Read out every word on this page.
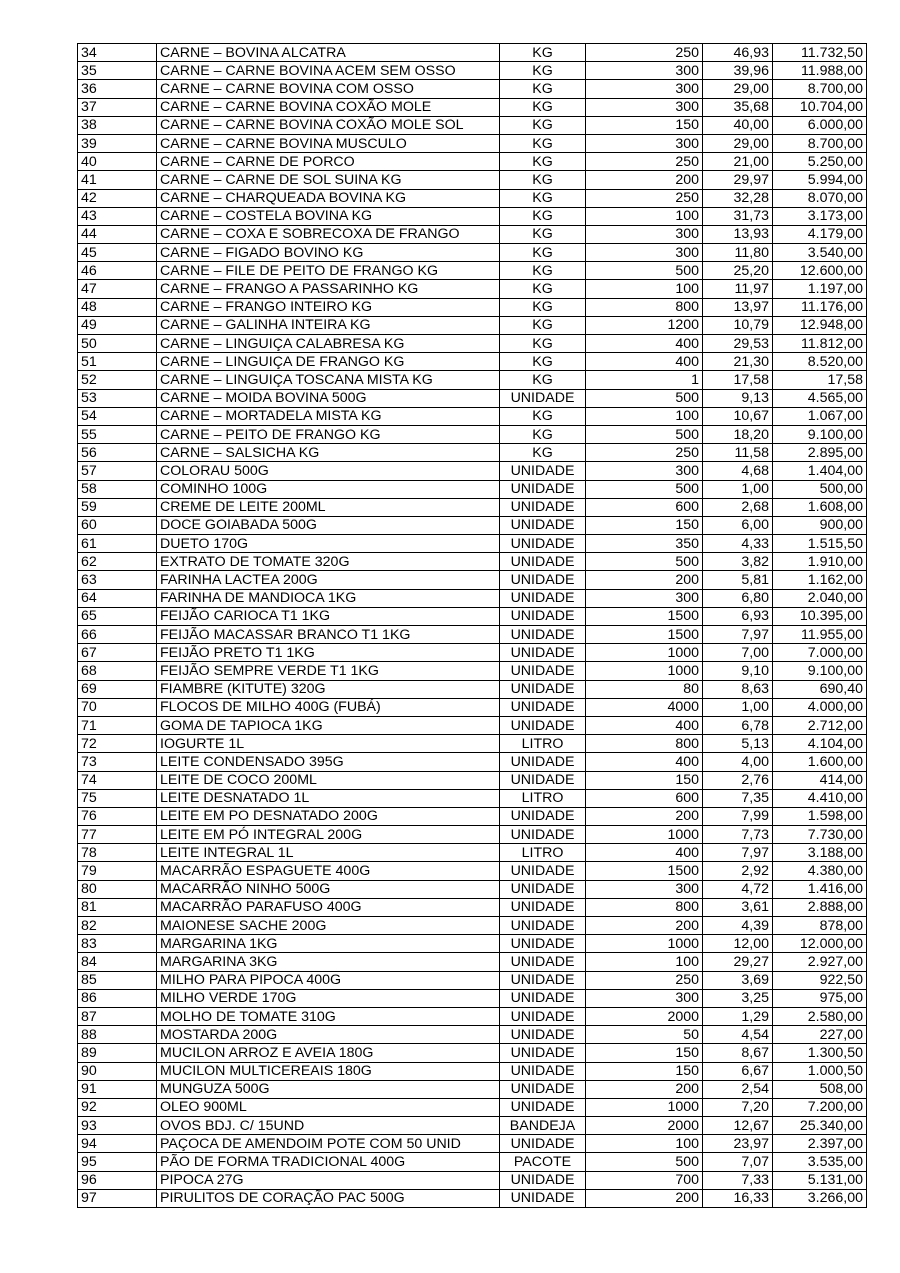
34	CARNE – BOVINA ALCATRA	KG	250	46,93	11.732,50
35	CARNE – CARNE BOVINA ACEM SEM OSSO	KG	300	39,96	11.988,00
36	CARNE – CARNE BOVINA COM OSSO	KG	300	29,00	8.700,00
37	CARNE – CARNE BOVINA COXÃO MOLE	KG	300	35,68	10.704,00
38	CARNE – CARNE BOVINA COXÃO MOLE SOL	KG	150	40,00	6.000,00
39	CARNE – CARNE BOVINA MUSCULO	KG	300	29,00	8.700,00
40	CARNE – CARNE DE PORCO	KG	250	21,00	5.250,00
41	CARNE – CARNE DE SOL SUINA KG	KG	200	29,97	5.994,00
42	CARNE – CHARQUEADA BOVINA KG	KG	250	32,28	8.070,00
43	CARNE – COSTELA BOVINA KG	KG	100	31,73	3.173,00
44	CARNE – COXA E SOBRECOXA DE FRANGO	KG	300	13,93	4.179,00
45	CARNE – FIGADO BOVINO KG	KG	300	11,80	3.540,00
46	CARNE – FILE DE PEITO DE FRANGO KG	KG	500	25,20	12.600,00
47	CARNE – FRANGO A PASSARINHO KG	KG	100	11,97	1.197,00
48	CARNE – FRANGO INTEIRO KG	KG	800	13,97	11.176,00
49	CARNE – GALINHA INTEIRA KG	KG	1200	10,79	12.948,00
50	CARNE – LINGUIÇA CALABRESA KG	KG	400	29,53	11.812,00
51	CARNE – LINGUIÇA DE FRANGO KG	KG	400	21,30	8.520,00
52	CARNE – LINGUIÇA TOSCANA MISTA KG	KG	1	17,58	17,58
53	CARNE – MOIDA BOVINA 500G	UNIDADE	500	9,13	4.565,00
54	CARNE – MORTADELA MISTA KG	KG	100	10,67	1.067,00
55	CARNE – PEITO DE FRANGO KG	KG	500	18,20	9.100,00
56	CARNE – SALSICHA KG	KG	250	11,58	2.895,00
57	COLORAU 500G	UNIDADE	300	4,68	1.404,00
58	COMINHO 100G	UNIDADE	500	1,00	500,00
59	CREME DE LEITE 200ML	UNIDADE	600	2,68	1.608,00
60	DOCE GOIABADA 500G	UNIDADE	150	6,00	900,00
61	DUETO 170G	UNIDADE	350	4,33	1.515,50
62	EXTRATO DE TOMATE 320G	UNIDADE	500	3,82	1.910,00
63	FARINHA LACTEA 200G	UNIDADE	200	5,81	1.162,00
64	FARINHA DE MANDIOCA 1KG	UNIDADE	300	6,80	2.040,00
65	FEIJÃO CARIOCA T1 1KG	UNIDADE	1500	6,93	10.395,00
66	FEIJÃO MACASSAR BRANCO T1 1KG	UNIDADE	1500	7,97	11.955,00
67	FEIJÃO PRETO T1 1KG	UNIDADE	1000	7,00	7.000,00
68	FEIJÃO SEMPRE VERDE T1 1KG	UNIDADE	1000	9,10	9.100,00
69	FIAMBRE (KITUTE) 320G	UNIDADE	80	8,63	690,40
70	FLOCOS DE MILHO 400G (FUBÁ)	UNIDADE	4000	1,00	4.000,00
71	GOMA DE TAPIOCA 1KG	UNIDADE	400	6,78	2.712,00
72	IOGURTE 1L	LITRO	800	5,13	4.104,00
73	LEITE CONDENSADO 395G	UNIDADE	400	4,00	1.600,00
74	LEITE DE COCO 200ML	UNIDADE	150	2,76	414,00
75	LEITE DESNATADO 1L	LITRO	600	7,35	4.410,00
76	LEITE EM PO DESNATADO 200G	UNIDADE	200	7,99	1.598,00
77	LEITE EM PÓ INTEGRAL 200G	UNIDADE	1000	7,73	7.730,00
78	LEITE INTEGRAL 1L	LITRO	400	7,97	3.188,00
79	MACARRÃO ESPAGUETE 400G	UNIDADE	1500	2,92	4.380,00
80	MACARRÃO NINHO 500G	UNIDADE	300	4,72	1.416,00
81	MACARRÃO PARAFUSO 400G	UNIDADE	800	3,61	2.888,00
82	MAIONESE SACHE 200G	UNIDADE	200	4,39	878,00
83	MARGARINA 1KG	UNIDADE	1000	12,00	12.000,00
84	MARGARINA 3KG	UNIDADE	100	29,27	2.927,00
85	MILHO PARA PIPOCA 400G	UNIDADE	250	3,69	922,50
86	MILHO VERDE 170G	UNIDADE	300	3,25	975,00
87	MOLHO DE TOMATE 310G	UNIDADE	2000	1,29	2.580,00
88	MOSTARDA 200G	UNIDADE	50	4,54	227,00
89	MUCILON ARROZ E AVEIA 180G	UNIDADE	150	8,67	1.300,50
90	MUCILON MULTICEREAIS 180G	UNIDADE	150	6,67	1.000,50
91	MUNGUZA 500G	UNIDADE	200	2,54	508,00
92	OLEO 900ML	UNIDADE	1000	7,20	7.200,00
93	OVOS BDJ. C/ 15UND	BANDEJA	2000	12,67	25.340,00
94	PAÇOCA DE AMENDOIM POTE COM 50 UNID	UNIDADE	100	23,97	2.397,00
95	PÃO DE FORMA TRADICIONAL 400G	PACOTE	500	7,07	3.535,00
96	PIPOCA 27G	UNIDADE	700	7,33	5.131,00
97	PIRULITOS DE CORAÇÃO PAC 500G	UNIDADE	200	16,33	3.266,00
